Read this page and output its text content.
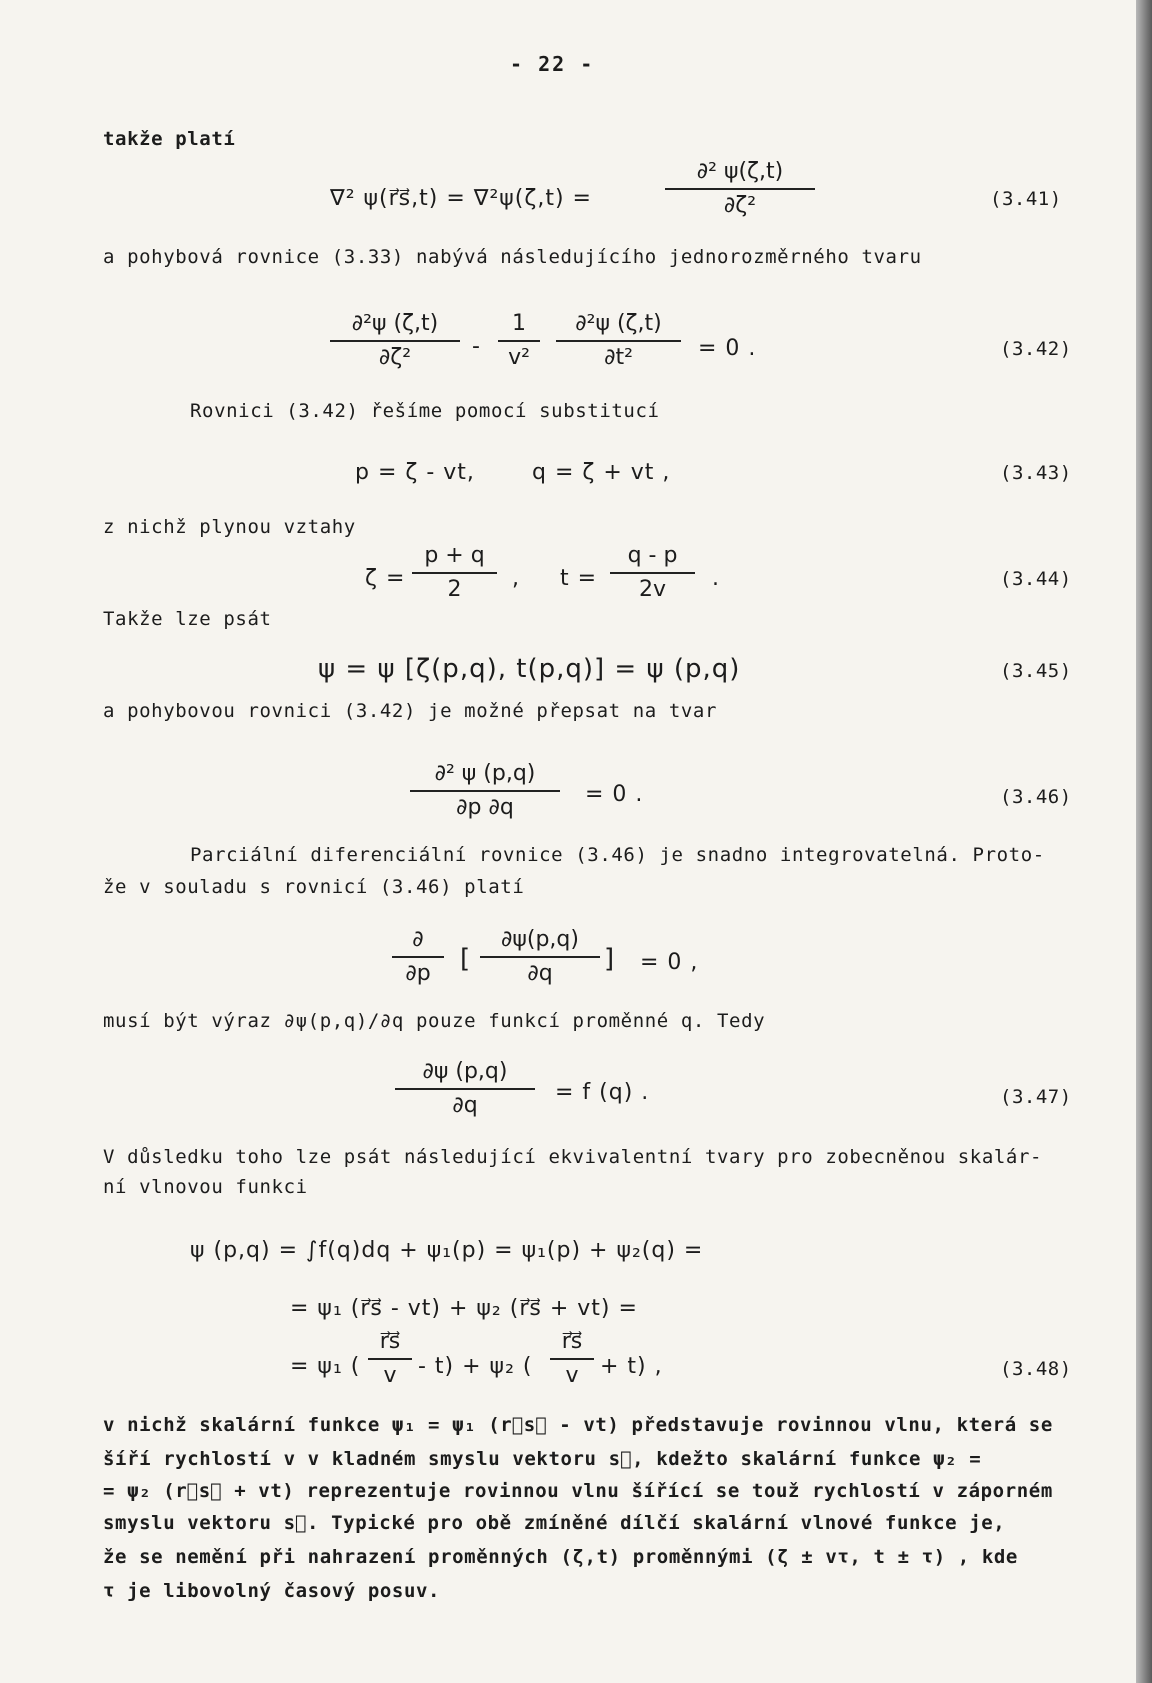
- 22 -
takže platí
∇² ψ(r⃗s⃗,t) = ∇²ψ(ζ,t) =
∂² ψ(ζ,t)
∂ζ²	(3.41)
a pohybová rovnice (3.33) nabývá následujícího jednorozměrného tvaru
∂²ψ (ζ,t)
∂ζ²	-
1
v²
∂²ψ (ζ,t)
∂t²	= 0 .	(3.42)
Rovnici (3.42) řešíme pomocí substitucí
p = ζ - vt,	q = ζ + vt ,	(3.43)
z nichž plynou vztahy
ζ =
p + q
2	, t =
q - p
2v	.	(3.44)
Takže lze psát
ψ = ψ [ζ(p,q), t(p,q)] = ψ (p,q)	(3.45)
a pohybovou rovnici (3.42) je možné přepsat na tvar
∂² ψ (p,q)
∂p ∂q
= 0 .	(3.46)
Parciální diferenciální rovnice (3.46) je snadno integrovatelná. Proto-
že v souladu s rovnicí (3.46) platí
∂
∂p	[
∂ψ(p,q)
∂q	] = 0 ,
musí být výraz ∂ψ(p,q)/∂q pouze funkcí proměnné q. Tedy
∂ψ (p,q)
∂q
= f (q) .	(3.47)
V důsledku toho lze psát následující ekvivalentní tvary pro zobecněnou skalár-
ní vlnovou funkci
ψ (p,q) = ∫f(q)dq + ψ₁(p) = ψ₁(p) + ψ₂(q) =
= ψ₁ (r⃗s⃗ - vt) + ψ₂ (r⃗s⃗ + vt) =
= ψ₁ (
r⃗s⃗
v - t) + ψ₂ (
r⃗s⃗
v + t) ,	(3.48)
v nichž skalární funkce ψ₁ = ψ₁ (r⃗s⃗ - vt) představuje rovinnou vlnu, která se
šíří rychlostí v v kladném smyslu vektoru s⃗, kdežto skalární funkce ψ₂ =
= ψ₂ (r⃗s⃗ + vt) reprezentuje rovinnou vlnu šířící se touž rychlostí v záporném
smyslu vektoru s⃗. Typické pro obě zmíněné dílčí skalární vlnové funkce je,
že se nemění při nahrazení proměnných (ζ,t) proměnnými (ζ ± vτ, t ± τ) , kde
τ je libovolný časový posuv.
